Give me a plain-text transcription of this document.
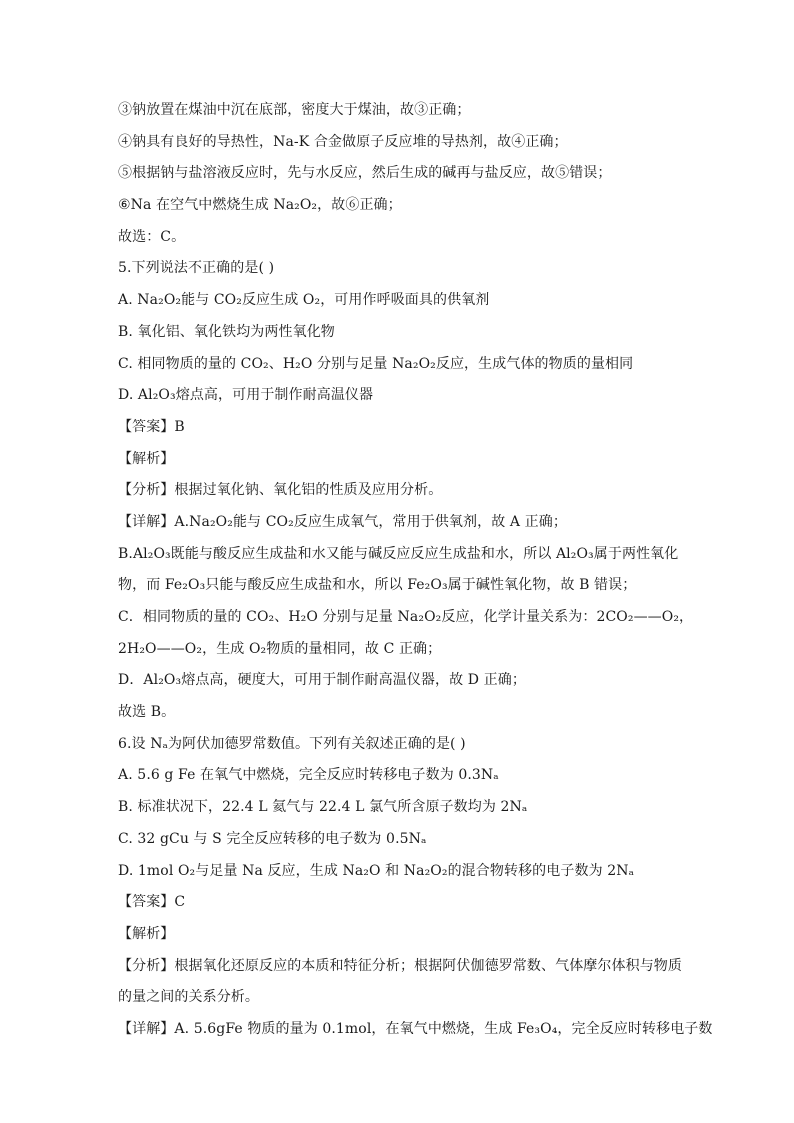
③钠放置在煤油中沉在底部，密度大于煤油，故③正确；
④钠具有良好的导热性，Na-K 合金做原子反应堆的导热剂，故④正确；
⑤根据钠与盐溶液反应时，先与水反应，然后生成的碱再与盐反应，故⑤错误；
⑥Na 在空气中燃烧生成 Na₂O₂，故⑥正确；
故选：C。
5.下列说法不正确的是( )
A. Na₂O₂能与 CO₂反应生成 O₂，可用作呼吸面具的供氧剂
B. 氧化铝、氧化铁均为两性氧化物
C. 相同物质的量的 CO₂、H₂O 分别与足量 Na₂O₂反应，生成气体的物质的量相同
D. Al₂O₃熔点高，可用于制作耐高温仪器
【答案】B
【解析】
【分析】根据过氧化钠、氧化铝的性质及应用分析。
【详解】A.Na₂O₂能与 CO₂反应生成氧气，常用于供氧剂，故 A 正确；
B.Al₂O₃既能与酸反应生成盐和水又能与碱反应反应生成盐和水，所以 Al₂O₃属于两性氧化
物，而 Fe₂O₃只能与酸反应生成盐和水，所以 Fe₂O₃属于碱性氧化物，故 B 错误；
C．相同物质的量的 CO₂、H₂O 分别与足量 Na₂O₂反应，化学计量关系为：2CO₂——O₂，
2H₂O——O₂，生成 O₂物质的量相同，故 C 正确；
D．Al₂O₃熔点高，硬度大，可用于制作耐高温仪器，故 D 正确；
故选 B。
6.设 Nₐ为阿伏加德罗常数值。下列有关叙述正确的是( )
A. 5.6 g Fe 在氧气中燃烧，完全反应时转移电子数为 0.3Nₐ
B. 标准状况下，22.4 L 氦气与 22.4 L 氯气所含原子数均为 2Nₐ
C. 32 gCu 与 S 完全反应转移的电子数为 0.5Nₐ
D. 1mol O₂与足量 Na 反应，生成 Na₂O 和 Na₂O₂的混合物转移的电子数为 2Nₐ
【答案】C
【解析】
【分析】根据氧化还原反应的本质和特征分析；根据阿伏伽德罗常数、气体摩尔体积与物质
的量之间的关系分析。
【详解】A. 5.6gFe 物质的量为 0.1mol，在氧气中燃烧，生成 Fe₃O₄，完全反应时转移电子数
